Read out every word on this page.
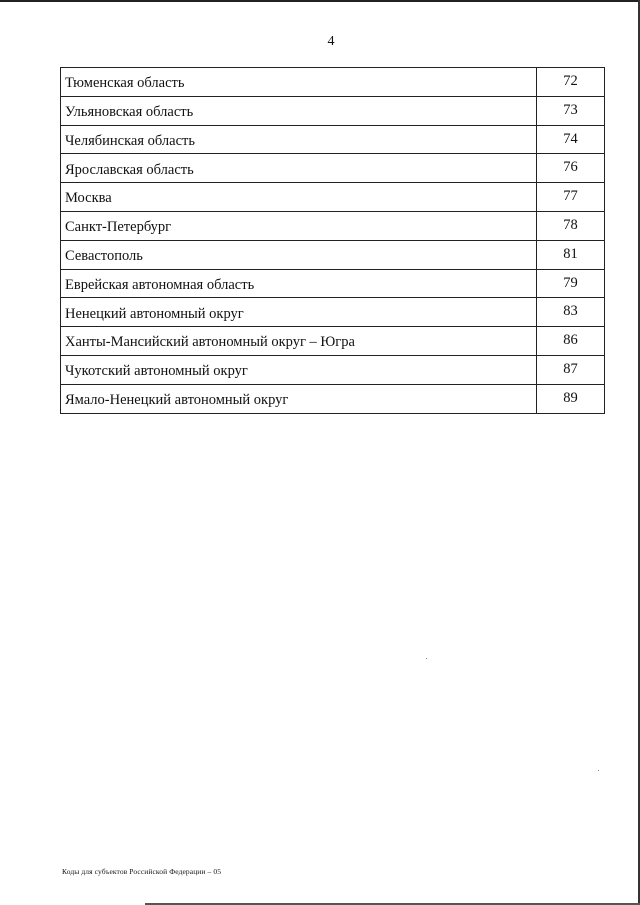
4
Тюменская область	72
Ульяновская область	73
Челябинская область	74
Ярославская область	76
Москва	77
Санкт-Петербург	78
Севастополь	81
Еврейская автономная область	79
Ненецкий автономный округ	83
Ханты-Мансийский автономный округ – Югра	86
Чукотский автономный округ	87
Ямало-Ненецкий автономный округ	89
Коды для субъектов Российской Федерации – 05
